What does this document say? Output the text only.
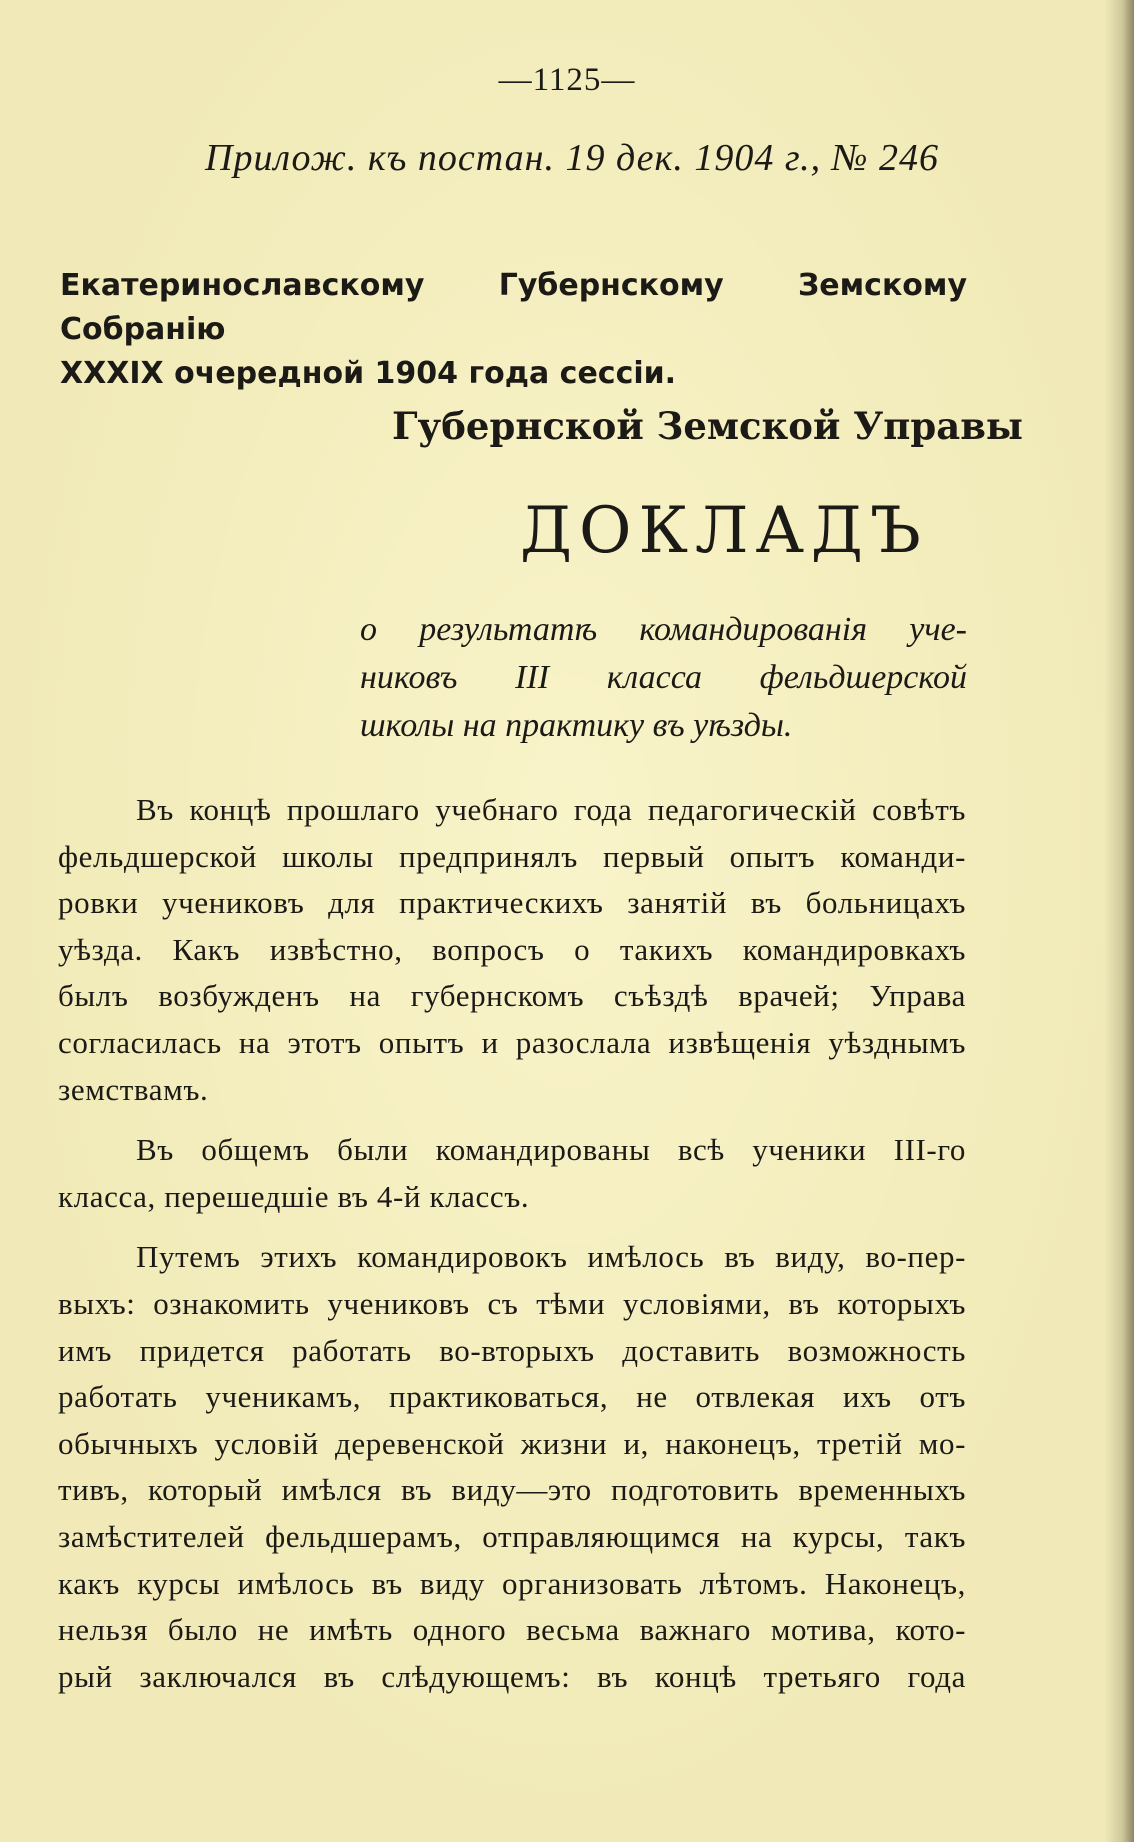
—1125—
Прилож. къ постан. 19 дек. 1904 г., № 246
Екатеринославскому Губернскому Земскому Собранію
XXXIX очередной 1904 года сессіи.
Губернской Земской Управы
ДОКЛАДЪ
о результатѣ командированія уче-
никовъ III класса фельдшерской
школы на практику въ уѣзды.
Въ концѣ прошлаго учебнаго года педагогическій совѣтъ
фельдшерской школы предпринялъ первый опытъ команди-
ровки учениковъ для практическихъ занятій въ больницахъ
уѣзда. Какъ извѣстно, вопросъ о такихъ командировкахъ
былъ возбужденъ на губернскомъ съѣздѣ врачей; Управа
согласилась на этотъ опытъ и разослала извѣщенія уѣзднымъ
земствамъ.
Въ общемъ были командированы всѣ ученики III-го
класса, перешедшіе въ 4-й классъ.
Путемъ этихъ командировокъ имѣлось въ виду, во-пер-
выхъ: ознакомить учениковъ съ тѣми условіями, въ которыхъ
имъ придется работать во-вторыхъ доставить возможность
работать ученикамъ, практиковаться, не отвлекая ихъ отъ
обычныхъ условій деревенской жизни и, наконецъ, третій мо-
тивъ, который имѣлся въ виду—это подготовить временныхъ
замѣстителей фельдшерамъ, отправляющимся на курсы, такъ
какъ курсы имѣлось въ виду организовать лѣтомъ. Наконецъ,
нельзя было не имѣть одного весьма важнаго мотива, кото-
рый заключался въ слѣдующемъ: въ концѣ третьяго года
